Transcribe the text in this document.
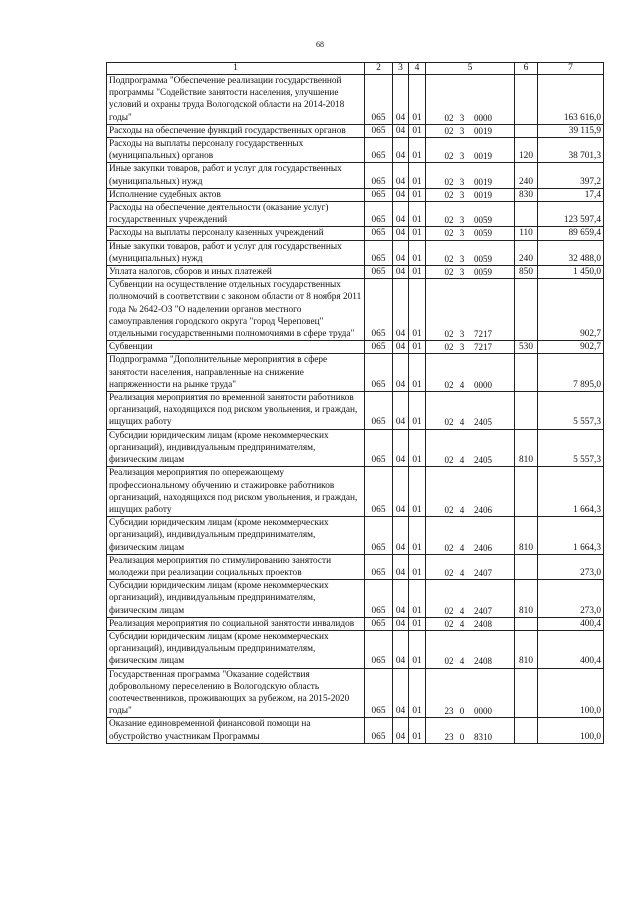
68
1	2	3	4	5	6	7
Подпрограмма "Обеспечение реализации государственной программы "Содействие занятости населения, улучшение условий и охраны труда Вологодской области на 2014-2018 годы"	065	04	01	02 3 0000		163 616,0
Расходы на обеспечение функций государственных органов	065	04	01	02 3 0019		39 115,9
Расходы на выплаты персоналу государственных (муниципальных) органов	065	04	01	02 3 0019	120	38 701,3
Иные закупки товаров, работ и услуг для государственных (муниципальных) нужд	065	04	01	02 3 0019	240	397,2
Исполнение судебных актов	065	04	01	02 3 0019	830	17,4
Расходы на обеспечение деятельности (оказание услуг) государственных учреждений	065	04	01	02 3 0059		123 597,4
Расходы на выплаты персоналу казенных учреждений	065	04	01	02 3 0059	110	89 659,4
Иные закупки товаров, работ и услуг для государственных (муниципальных) нужд	065	04	01	02 3 0059	240	32 488,0
Уплата налогов, сборов и иных платежей	065	04	01	02 3 0059	850	1 450,0
Субвенции на осуществление отдельных государственных полномочий в соответствии с законом области от 8 ноября 2011 года № 2642-ОЗ "О наделении органов местного самоуправления городского округа "город Череповец" отдельными государственными полномочиями в сфере труда"	065	04	01	02 3 7217		902,7
Субвенции	065	04	01	02 3 7217	530	902,7
Подпрограмма "Дополнительные мероприятия в сфере занятости населения, направленные на снижение напряженности на рынке труда"	065	04	01	02 4 0000		7 895,0
Реализация мероприятия по временной занятости работников организаций, находящихся под риском увольнения, и граждан, ищущих работу	065	04	01	02 4 2405		5 557,3
Субсидии юридическим лицам (кроме некоммерческих организаций), индивидуальным предпринимателям, физическим лицам	065	04	01	02 4 2405	810	5 557,3
Реализация мероприятия по опережающему профессиональному обучению и стажировке работников организаций, находящихся под риском увольнения, и граждан, ищущих работу	065	04	01	02 4 2406		1 664,3
Субсидии юридическим лицам (кроме некоммерческих организаций), индивидуальным предпринимателям, физическим лицам	065	04	01	02 4 2406	810	1 664,3
Реализация мероприятия по стимулированию занятости молодежи при реализации социальных проектов	065	04	01	02 4 2407		273,0
Субсидии юридическим лицам (кроме некоммерческих организаций), индивидуальным предпринимателям, физическим лицам	065	04	01	02 4 2407	810	273,0
Реализация мероприятия по социальной занятости инвалидов	065	04	01	02 4 2408		400,4
Субсидии юридическим лицам (кроме некоммерческих организаций), индивидуальным предпринимателям, физическим лицам	065	04	01	02 4 2408	810	400,4
Государственная программа "Оказание содействия добровольному переселению в Вологодскую область соотечественников, проживающих за рубежом, на 2015-2020 годы"	065	04	01	23 0 0000		100,0
Оказание единовременной финансовой помощи на обустройство участникам Программы	065	04	01	23 0 8310		100,0
